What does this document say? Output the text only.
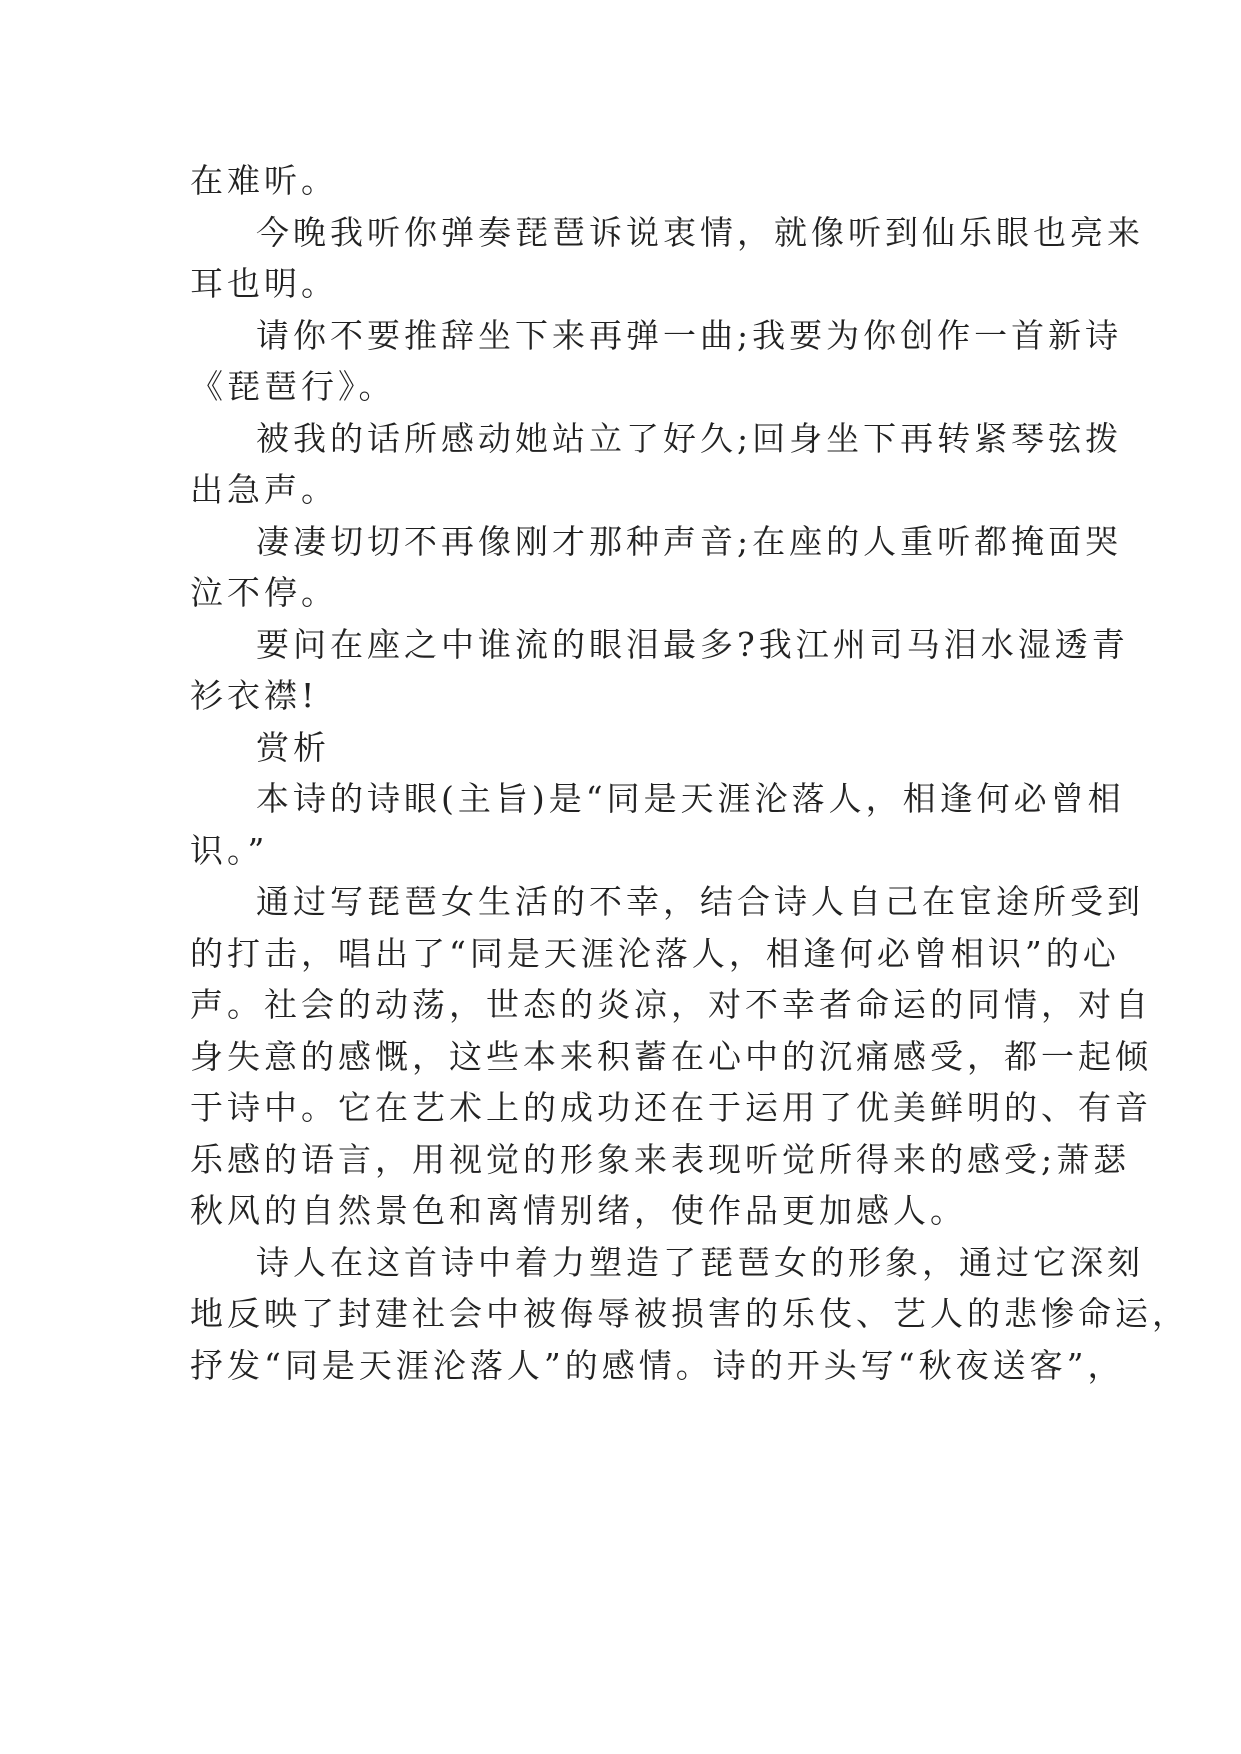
在难听。

今晚我听你弹奏琵琶诉说衷情，就像听到仙乐眼也亮来
耳也明。

请你不要推辞坐下来再弹一曲;我要为你创作一首新诗
《琵琶行》。

被我的话所感动她站立了好久;回身坐下再转紧琴弦拨
出急声。

凄凄切切不再像刚才那种声音;在座的人重听都掩面哭
泣不停。

要问在座之中谁流的眼泪最多?我江州司马泪水湿透青
衫衣襟!

赏析

本诗的诗眼(主旨)是“同是天涯沦落人，相逢何必曾相
识。”

通过写琵琶女生活的不幸，结合诗人自己在宦途所受到
的打击，唱出了“同是天涯沦落人，相逢何必曾相识”的心
声。社会的动荡，世态的炎凉，对不幸者命运的同情，对自
身失意的感慨，这些本来积蓄在心中的沉痛感受，都一起倾
于诗中。它在艺术上的成功还在于运用了优美鲜明的、有音
乐感的语言，用视觉的形象来表现听觉所得来的感受;萧瑟
秋风的自然景色和离情别绪，使作品更加感人。

诗人在这首诗中着力塑造了琵琶女的形象，通过它深刻
地反映了封建社会中被侮辱被损害的乐伎、艺人的悲惨命运，
抒发“同是天涯沦落人”的感情。诗的开头写“秋夜送客”，
